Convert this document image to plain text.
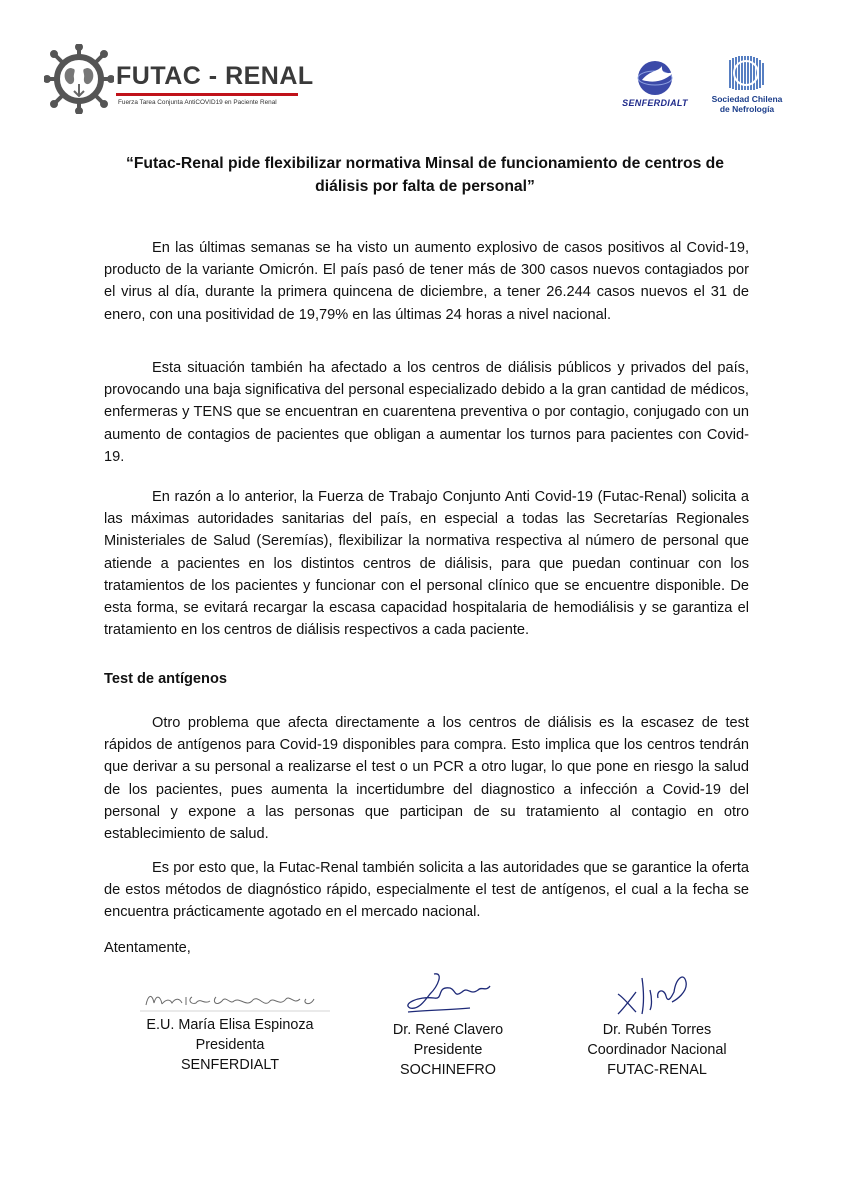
FUTAC - RENAL
Fuerza Tarea Conjunta AntiCOVID19 en Paciente Renal	SENFERDIALT	Sociedad Chilena
de Nefrología
“Futac-Renal pide flexibilizar normativa Minsal de funcionamiento de centros de diálisis por falta de personal”

En las últimas semanas se ha visto un aumento explosivo de casos positivos al Covid-19, producto de la variante Omicrón. El país pasó de tener más de 300 casos nuevos contagiados por el virus al día, durante la primera quincena de diciembre, a tener 26.244 casos nuevos el 31 de enero, con una positividad de 19,79% en las últimas 24 horas a nivel nacional.

Esta situación también ha afectado a los centros de diálisis públicos y privados del país, provocando una baja significativa del personal especializado debido a la gran cantidad de médicos, enfermeras y TENS que se encuentran en cuarentena preventiva o por contagio, conjugado con un aumento de contagios de pacientes que obligan a aumentar los turnos para pacientes con Covid-19.

En razón a lo anterior, la Fuerza de Trabajo Conjunto Anti Covid-19 (Futac-Renal) solicita a las máximas autoridades sanitarias del país, en especial a todas las Secretarías Regionales Ministeriales de Salud (Seremías), flexibilizar la normativa respectiva al número de personal que atiende a pacientes en los distintos centros de diálisis, para que puedan continuar con los tratamientos de los pacientes y funcionar con el personal clínico que se encuentre disponible. De esta forma, se evitará recargar la escasa capacidad hospitalaria de hemodiálisis y se garantiza el tratamiento en los centros de diálisis respectivos a cada paciente.

Test de antígenos

Otro problema que afecta directamente a los centros de diálisis es la escasez de test rápidos de antígenos para Covid-19 disponibles para compra. Esto implica que los centros tendrán que derivar a su personal a realizarse el test o un PCR a otro lugar, lo que pone en riesgo la salud de los pacientes, pues aumenta la incertidumbre del diagnostico a infección a Covid-19 del personal y expone a las personas que participan de su tratamiento al contagio en otro establecimiento de salud.

Es por esto que, la Futac-Renal también solicita a las autoridades que se garantice la oferta de estos métodos de diagnóstico rápido, especialmente el test de antígenos, el cual a la fecha se encuentra prácticamente agotado en el mercado nacional.

Atentamente,
E.U. María Elisa Espinoza
Presidenta
SENFERDIALT
Dr. René Clavero
Presidente
SOCHINEFRO
Dr. Rubén Torres
Coordinador Nacional
FUTAC-RENAL
